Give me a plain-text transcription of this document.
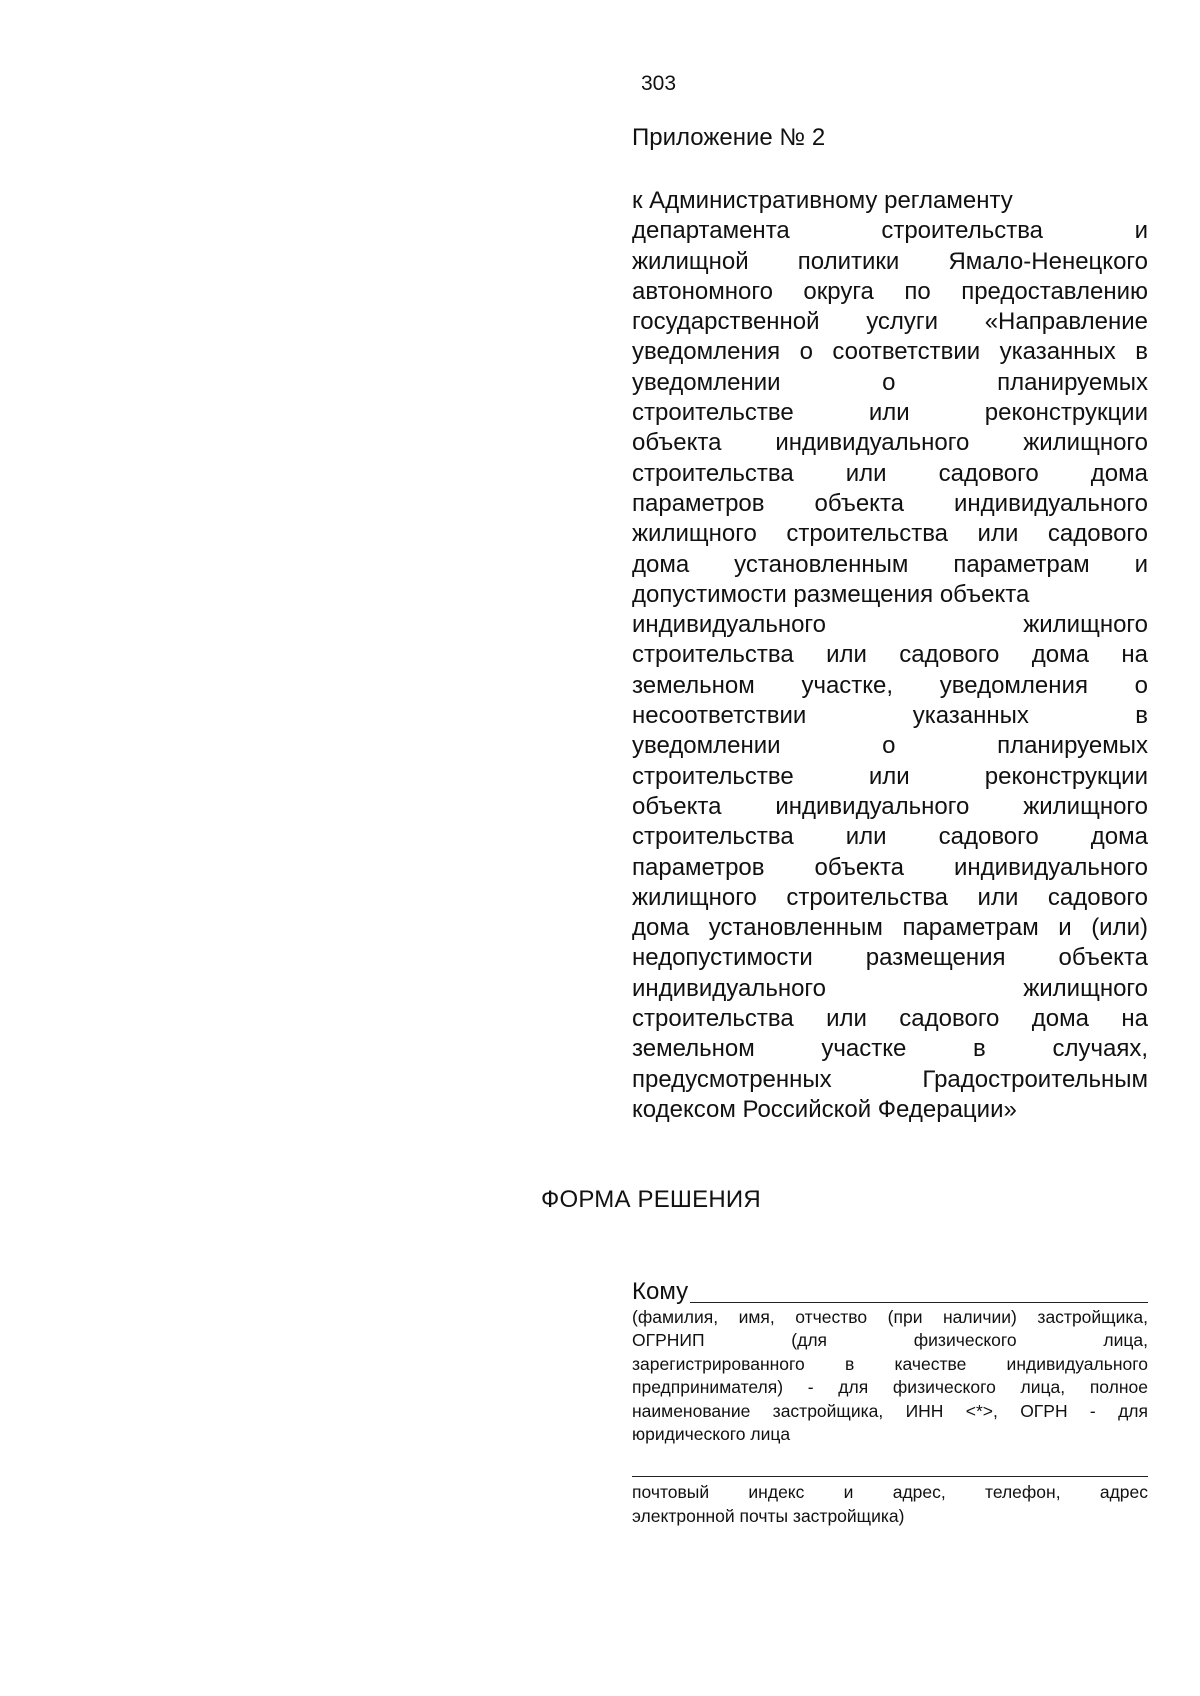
303
Приложение № 2
к Административному регламенту
департамента строительства и
жилищной политики Ямало-Ненецкого
автономного округа по предоставлению
государственной услуги «Направление
уведомления о соответствии указанных в
уведомлении о планируемых
строительстве или реконструкции
объекта индивидуального жилищного
строительства или садового дома
параметров объекта индивидуального
жилищного строительства или садового
дома установленным параметрам и
допустимости размещения объекта
индивидуального жилищного
строительства или садового дома на
земельном участке, уведомления о
несоответствии указанных в
уведомлении о планируемых
строительстве или реконструкции
объекта индивидуального жилищного
строительства или садового дома
параметров объекта индивидуального
жилищного строительства или садового
дома установленным параметрам и (или)
недопустимости размещения объекта
индивидуального жилищного
строительства или садового дома на
земельном участке в случаях,
предусмотренных Градостроительным
кодексом Российской Федерации»
ФОРМА РЕШЕНИЯ
Кому
(фамилия, имя, отчество (при наличии) застройщика,
ОГРНИП (для физического лица,
зарегистрированного в качестве индивидуального
предпринимателя) - для физического лица, полное
наименование застройщика, ИНН <*>, ОГРН - для
юридического лица
почтовый индекс и адрес, телефон, адрес
электронной почты застройщика)
